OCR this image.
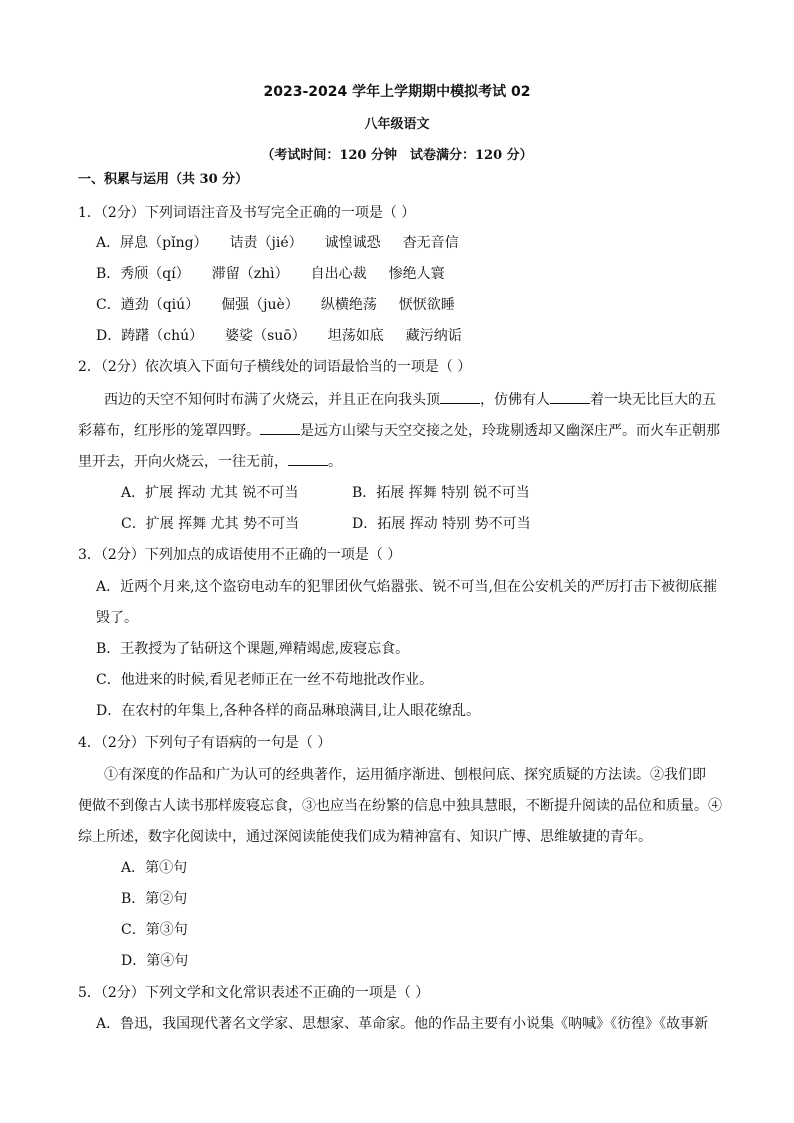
2023-2024 学年上学期期中模拟考试 02
八年级语文
（考试时间：120 分钟　试卷满分：120 分）
一、积累与运用（共 30 分）
1．（2分）下列词语注音及书写完全正确的一项是（ ）
A．屏息（pǐng） 诘责（jié） 诚惶诚恐 杳无音信
B．秀颀（qí） 滞留（zhì） 自出心裁 惨绝人寰
C．遒劲（qiú） 倔强（juè） 纵横绝荡 恹恹欲睡
D．踌躇（chú） 婆娑（suō） 坦荡如底 藏污纳诟
2．（2分）依次填入下面句子横线处的词语最恰当的一项是（ ）
西边的天空不知何时布满了火烧云，并且正在向我头顶	，仿佛有人	着一块无比巨大的五
彩幕布，红彤彤的笼罩四野。	是远方山梁与天空交接之处，玲珑剔透却又幽深庄严。而火车正朝那
里开去，开向火烧云，一往无前，	。
A．扩展 挥动 尤其 锐不可当	B．拓展 挥舞 特别 锐不可当
C．扩展 挥舞 尤其 势不可当	D．拓展 挥动 特别 势不可当
3．（2分）下列加点的成语使用不正确的一项是（ ）
A．近两个月来,这个盗窃电动车的犯罪团伙气焰嚣张、锐不可当,但在公安机关的严厉打击下被彻底摧
毁了。
B．王教授为了钻研这个课题,殚精竭虑,废寝忘食。
C．他进来的时候,看见老师正在一丝不苟地批改作业。
D．在农村的年集上,各种各样的商品琳琅满目,让人眼花缭乱。
4．（2分）下列句子有语病的一句是（ ）
①有深度的作品和广为认可的经典著作，运用循序渐进、刨根问底、探究质疑的方法读。②我们即
便做不到像古人读书那样废寝忘食，③也应当在纷繁的信息中独具慧眼，不断提升阅读的品位和质量。④
综上所述，数字化阅读中，通过深阅读能使我们成为精神富有、知识广博、思维敏捷的青年。
A．第①句
B．第②句
C．第③句
D．第④句
5．（2分）下列文学和文化常识表述不正确的一项是（ ）
A．鲁迅，我国现代著名文学家、思想家、革命家。他的作品主要有小说集《呐喊》《彷徨》《故事新
